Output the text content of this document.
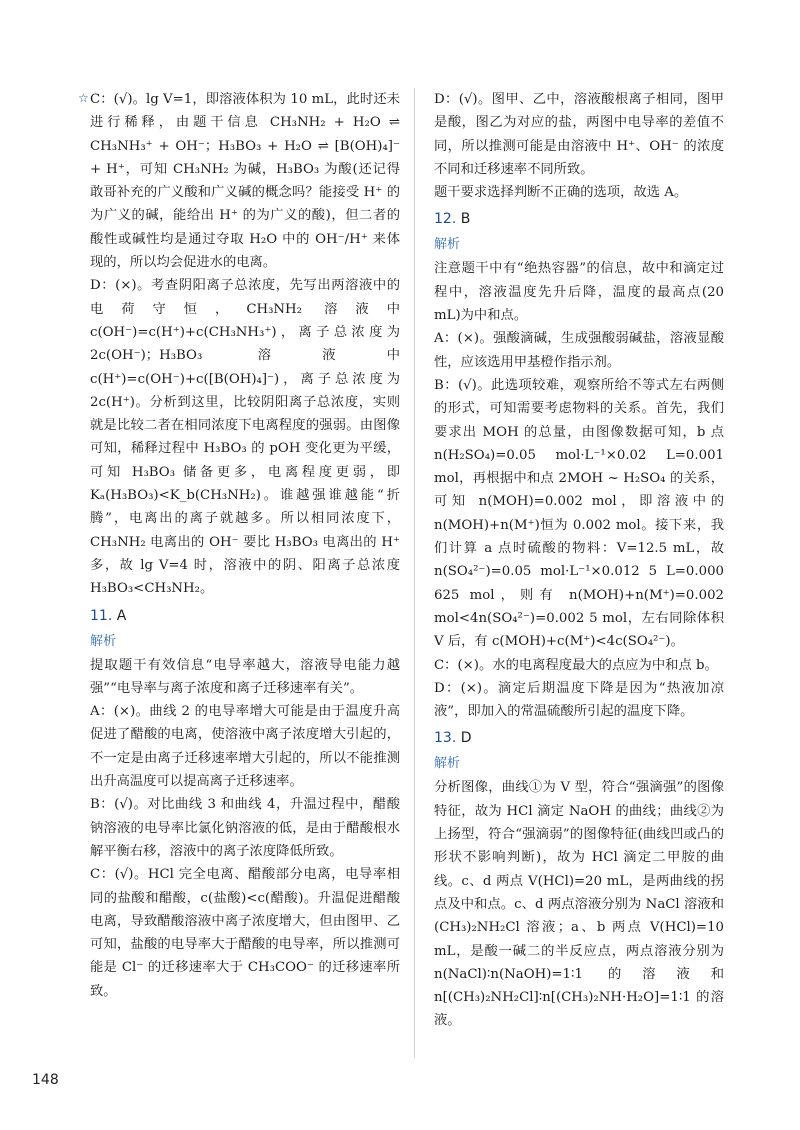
☆ C：(√)。lg V=1，即溶液体积为 10 mL，此时还未进行稀释，由题干信息 CH₃NH₂ + H₂O ⇌ CH₃NH₃⁺ + OH⁻；H₃BO₃ + H₂O ⇌ [B(OH)₄]⁻ + H⁺，可知 CH₃NH₂ 为碱，H₃BO₃ 为酸(还记得敢哥补充的广义酸和广义碱的概念吗？能接受 H⁺ 的为广义的碱，能给出 H⁺ 的为广义的酸)，但二者的酸性或碱性均是通过夺取 H₂O 中的 OH⁻/H⁺ 来体现的，所以均会促进水的电离。

D：(×)。考查阴阳离子总浓度，先写出两溶液中的电荷守恒，CH₃NH₂ 溶液中 c(OH⁻)=c(H⁺)+c(CH₃NH₃⁺)，离子总浓度为 2c(OH⁻)；H₃BO₃ 溶液中 c(H⁺)=c(OH⁻)+c([B(OH)₄]⁻)，离子总浓度为 2c(H⁺)。分析到这里，比较阴阳离子总浓度，实则就是比较二者在相同浓度下电离程度的强弱。由图像可知，稀释过程中 H₃BO₃ 的 pOH 变化更为平缓，可知 H₃BO₃ 储备更多，电离程度更弱，即 Kₐ(H₃BO₃)<K_b(CH₃NH₂)。谁越强谁越能“折腾”，电离出的离子就越多。所以相同浓度下，CH₃NH₂ 电离出的 OH⁻ 要比 H₃BO₃ 电离出的 H⁺ 多，故 lg V=4 时，溶液中的阴、阳离子总浓度 H₃BO₃<CH₃NH₂。

11. A
解析

提取题干有效信息“电导率越大，溶液导电能力越强”“电导率与离子浓度和离子迁移速率有关”。

A：(×)。曲线 2 的电导率增大可能是由于温度升高促进了醋酸的电离，使溶液中离子浓度增大引起的，不一定是由离子迁移速率增大引起的，所以不能推测出升高温度可以提高离子迁移速率。

B：(√)。对比曲线 3 和曲线 4，升温过程中，醋酸钠溶液的电导率比氯化钠溶液的低，是由于醋酸根水解平衡右移，溶液中的离子浓度降低所致。

C：(√)。HCl 完全电离、醋酸部分电离，电导率相同的盐酸和醋酸，c(盐酸)<c(醋酸)。升温促进醋酸电离，导致醋酸溶液中离子浓度增大，但由图甲、乙可知，盐酸的电导率大于醋酸的电导率，所以推测可能是 Cl⁻ 的迁移速率大于 CH₃COO⁻ 的迁移速率所致。

D：(√)。图甲、乙中，溶液酸根离子相同，图甲是酸，图乙为对应的盐，两图中电导率的差值不同，所以推测可能是由溶液中 H⁺、OH⁻ 的浓度不同和迁移速率不同所致。

题干要求选择判断不正确的选项，故选 A。

12. B
解析

注意题干中有“绝热容器”的信息，故中和滴定过程中，溶液温度先升后降，温度的最高点(20 mL)为中和点。

A：(×)。强酸滴碱，生成强酸弱碱盐，溶液显酸性，应该选用甲基橙作指示剂。

B：(√)。此选项较难，观察所给不等式左右两侧的形式，可知需要考虑物料的关系。首先，我们要求出 MOH 的总量，由图像数据可知，b 点 n(H₂SO₄)=0.05 mol·L⁻¹×0.02 L=0.001 mol，再根据中和点 2MOH ~ H₂SO₄ 的关系，可知 n(MOH)=0.002 mol，即溶液中的 n(MOH)+n(M⁺)恒为 0.002 mol。接下来，我们计算 a 点时硫酸的物料：V=12.5 mL，故 n(SO₄²⁻)=0.05 mol·L⁻¹×0.012 5 L=0.000 625 mol，则有 n(MOH)+n(M⁺)=0.002 mol<4n(SO₄²⁻)=0.002 5 mol，左右同除体积 V 后，有 c(MOH)+c(M⁺)<4c(SO₄²⁻)。

C：(×)。水的电离程度最大的点应为中和点 b。

D：(×)。滴定后期温度下降是因为“热液加凉液”，即加入的常温硫酸所引起的温度下降。

13. D
解析

分析图像，曲线①为 V 型，符合“强滴强”的图像特征，故为 HCl 滴定 NaOH 的曲线；曲线②为上扬型，符合“强滴弱”的图像特征(曲线凹或凸的形状不影响判断)，故为 HCl 滴定二甲胺的曲线。c、d 两点 V(HCl)=20 mL，是两曲线的拐点及中和点。c、d 两点溶液分别为 NaCl 溶液和 (CH₃)₂NH₂Cl 溶液；a、b 两点 V(HCl)=10 mL，是酸一碱二的半反应点，两点溶液分别为 n(NaCl)∶n(NaOH)=1∶1 的溶液和 n[(CH₃)₂NH₂Cl]∶n[(CH₃)₂NH·H₂O]=1∶1 的溶液。

148
